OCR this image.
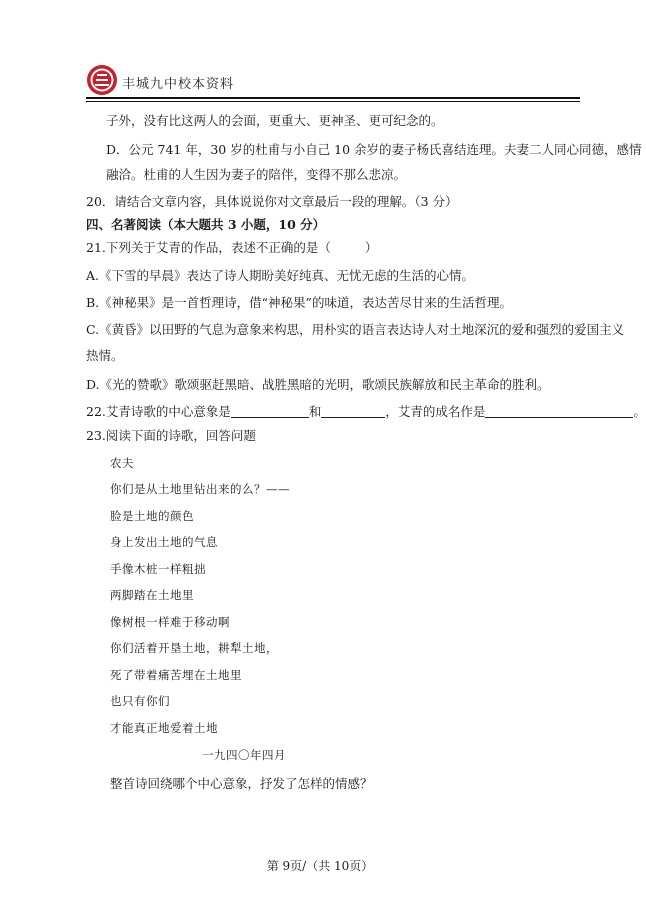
丰城九中校本资料
子外，没有比这两人的会面，更重大、更神圣、更可纪念的。
D．公元 741 年，30 岁的杜甫与小自己 10 余岁的妻子杨氏喜结连理。夫妻二人同心同德，感情
融洽。杜甫的人生因为妻子的陪伴，变得不那么悲凉。
20．请结合文章内容，具体说说你对文章最后一段的理解。（3 分）
四、名著阅读（本大题共 3 小题，10 分）
21.下列关于艾青的作品，表述不正确的是（	）
A.《下雪的早晨》表达了诗人期盼美好纯真、无忧无虑的生活的心情。
B.《神秘果》是一首哲理诗，借“神秘果”的味道，表达苦尽甘来的生活哲理。
C.《黄昏》以田野的气息为意象来构思，用朴实的语言表达诗人对土地深沉的爱和强烈的爱国主义
热情。
D.《光的赞歌》歌颂驱赶黑暗、战胜黑暗的光明，歌颂民族解放和民主革命的胜利。
22.艾青诗歌的中心意象是	和	，艾青的成名作是	。
23.阅读下面的诗歌，回答问题
农夫
你们是从土地里钻出来的么？——
脸是土地的颜色
身上发出土地的气息
手像木桩一样粗拙
两脚踏在土地里
像树根一样难于移动啊
你们活着开垦土地，耕犁土地，
死了带着痛苦埋在土地里
也只有你们
才能真正地爱着土地
一九四〇年四月
整首诗回绕哪个中心意象，抒发了怎样的情感？
第 9页/（共 10页）
